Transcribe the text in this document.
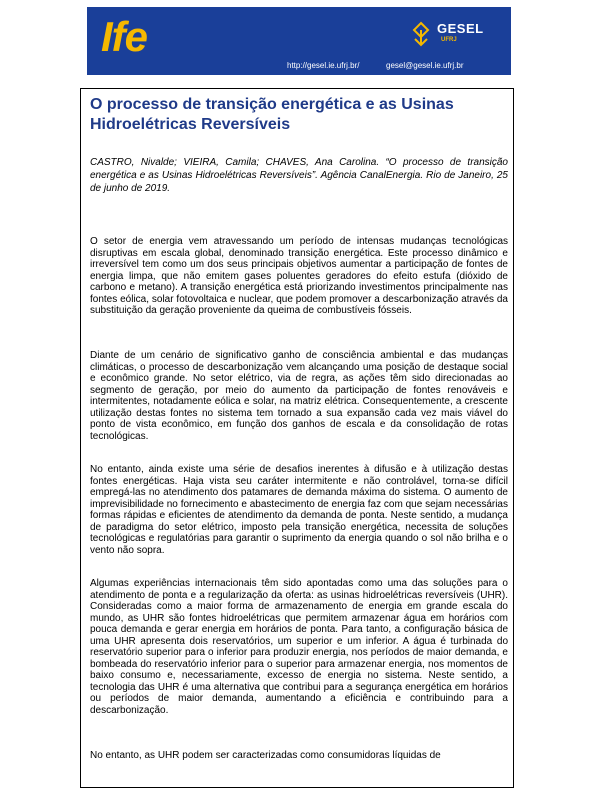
Ife	GESEL
UFRJ
http://gesel.ie.ufrj.br/	gesel@gesel.ie.ufrj.br
O processo de transição energética e as Usinas
Hidroelétricas Reversíveis
CASTRO, Nivalde; VIEIRA, Camila; CHAVES, Ana Carolina. “O processo de transição energética e as Usinas Hidroelétricas Reversíveis”. Agência CanalEnergia. Rio de Janeiro, 25 de junho de 2019.

O setor de energia vem atravessando um período de intensas mudanças tecnológicas disruptivas em escala global, denominado transição energética. Este processo dinâmico e irreversível tem como um dos seus principais objetivos aumentar a participação de fontes de energia limpa, que não emitem gases poluentes geradores do efeito estufa (dióxido de carbono e metano). A transição energética está priorizando investimentos principalmente nas fontes eólica, solar fotovoltaica e nuclear, que podem promover a descarbonização através da substituição da geração proveniente da queima de combustíveis fósseis.

Diante de um cenário de significativo ganho de consciência ambiental e das mudanças climáticas, o processo de descarbonização vem alcançando uma posição de destaque social e econômico grande. No setor elétrico, via de regra, as ações têm sido direcionadas ao segmento de geração, por meio do aumento da participação de fontes renováveis e intermitentes, notadamente eólica e solar, na matriz elétrica. Consequentemente, a crescente utilização destas fontes no sistema tem tornado a sua expansão cada vez mais viável do ponto de vista econômico, em função dos ganhos de escala e da consolidação de rotas tecnológicas.

No entanto, ainda existe uma série de desafios inerentes à difusão e à utilização destas fontes energéticas. Haja vista seu caráter intermitente e não controlável, torna-se difícil empregá-las no atendimento dos patamares de demanda máxima do sistema. O aumento de imprevisibilidade no fornecimento e abastecimento de energia faz com que sejam necessárias formas rápidas e eficientes de atendimento da demanda de ponta. Neste sentido, a mudança de paradigma do setor elétrico, imposto pela transição energética, necessita de soluções tecnológicas e regulatórias para garantir o suprimento da energia quando o sol não brilha e o vento não sopra.

Algumas experiências internacionais têm sido apontadas como uma das soluções para o atendimento de ponta e a regularização da oferta: as usinas hidroelétricas reversíveis (UHR). Consideradas como a maior forma de armazenamento de energia em grande escala do mundo, as UHR são fontes hidroelétricas que permitem armazenar água em horários com pouca demanda e gerar energia em horários de ponta. Para tanto, a configuração básica de uma UHR apresenta dois reservatórios, um superior e um inferior. A água é turbinada do reservatório superior para o inferior para produzir energia, nos períodos de maior demanda, e bombeada do reservatório inferior para o superior para armazenar energia, nos momentos de baixo consumo e, necessariamente, excesso de energia no sistema. Neste sentido, a tecnologia das UHR é uma alternativa que contribui para a segurança energética em horários ou períodos de maior demanda, aumentando a eficiência e contribuindo para a descarbonização.

No entanto, as UHR podem ser caracterizadas como consumidoras líquidas de
